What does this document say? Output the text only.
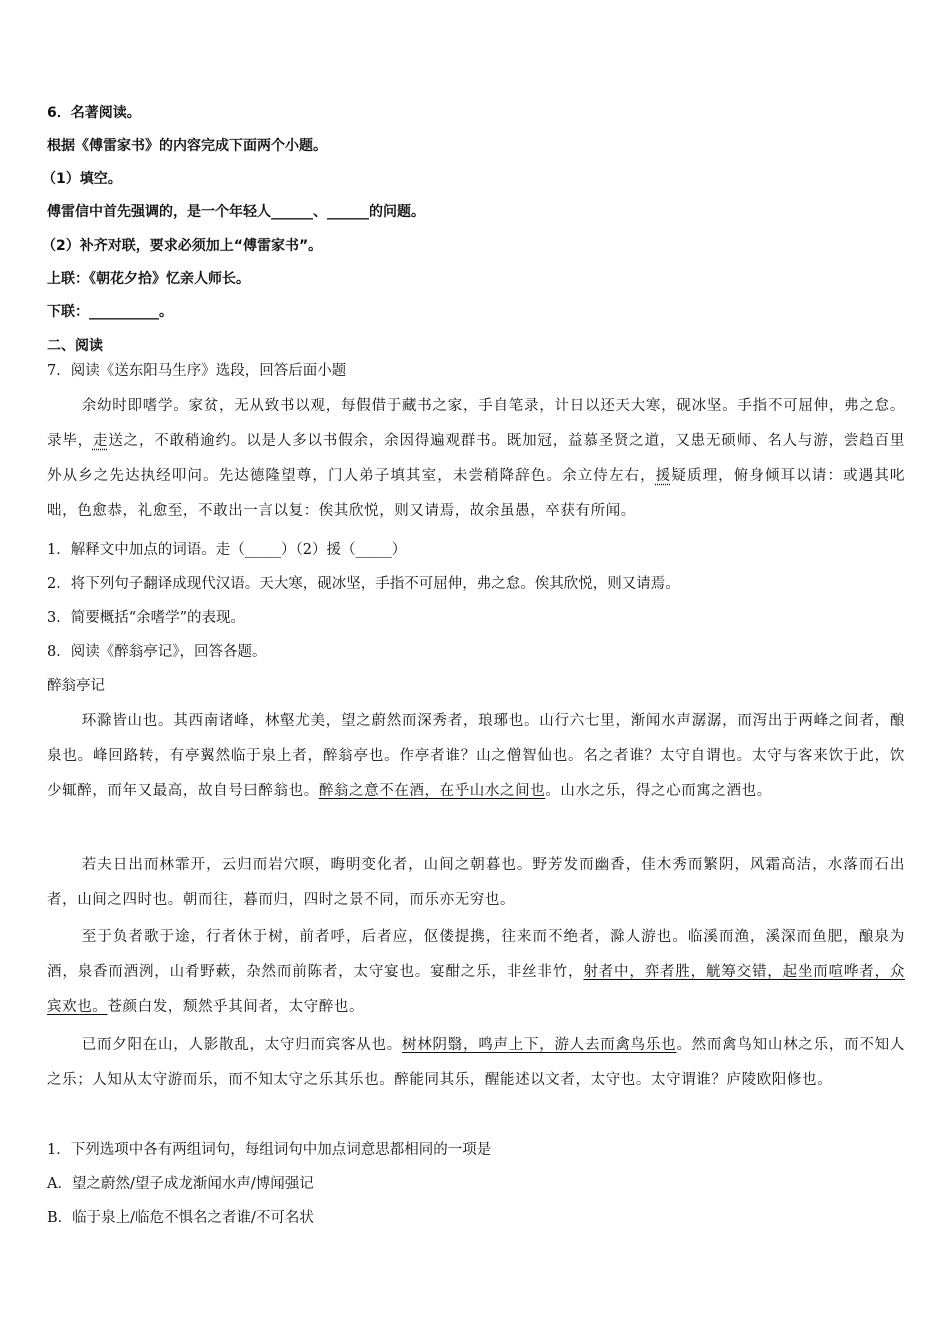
6．名著阅读。
根据《傅雷家书》的内容完成下面两个小题。
（1）填空。
傅雷信中首先强调的，是一个年轻人______、______的问题。
（2）补齐对联，要求必须加上“傅雷家书”。
上联：《朝花夕拾》忆亲人师长。
下联：__________。
二、阅读
7．阅读《送东阳马生序》选段，回答后面小题
余幼时即嗜学。家贫，无从致书以观，每假借于藏书之家，手自笔录，计日以还天大寒，砚冰坚。手指不可屈伸，弗之怠。录毕，走送之，不敢稍逾约。以是人多以书假余，余因得遍观群书。既加冠，益慕圣贤之道，又患无硕师、名人与游，尝趋百里外从乡之先达执经叩问。先达德隆望尊，门人弟子填其室，未尝稍降辞色。余立侍左右，援疑质理，俯身倾耳以请：或遇其叱咄，色愈恭，礼愈至，不敢出一言以复：俟其欣悦，则又请焉，故余虽愚，卒获有所闻。
1．解释文中加点的词语。走（_____）（2）援（_____）
2．将下列句子翻译成现代汉语。天大寒，砚冰坚，手指不可屈伸，弗之怠。俟其欣悦，则又请焉。
3．简要概括“余嗜学”的表现。
8．阅读《醉翁亭记》，回答各题。
醉翁亭记
环滁皆山也。其西南诸峰，林壑尤美，望之蔚然而深秀者，琅琊也。山行六七里，渐闻水声潺潺，而泻出于两峰之间者，酿泉也。峰回路转，有亭翼然临于泉上者，醉翁亭也。作亭者谁？山之僧智仙也。名之者谁？太守自谓也。太守与客来饮于此，饮少辄醉，而年又最高，故自号曰醉翁也。醉翁之意不在酒，在乎山水之间也。山水之乐，得之心而寓之酒也。
若夫日出而林霏开，云归而岩穴暝，晦明变化者，山间之朝暮也。野芳发而幽香，佳木秀而繁阴，风霜高洁，水落而石出者，山间之四时也。朝而往，暮而归，四时之景不同，而乐亦无穷也。
至于负者歌于途，行者休于树，前者呼，后者应，伛偻提携，往来而不绝者，滁人游也。临溪而渔，溪深而鱼肥，酿泉为酒，泉香而酒洌，山肴野蔌，杂然而前陈者，太守宴也。宴酣之乐，非丝非竹，射者中，弈者胜，觥筹交错，起坐而喧哗者，众宾欢也。苍颜白发，颓然乎其间者，太守醉也。
已而夕阳在山，人影散乱，太守归而宾客从也。树林阴翳，鸣声上下，游人去而禽鸟乐也。然而禽鸟知山林之乐，而不知人之乐；人知从太守游而乐，而不知太守之乐其乐也。醉能同其乐，醒能述以文者，太守也。太守谓谁？庐陵欧阳修也。
1．下列选项中各有两组词句，每组词句中加点词意思都相同的一项是
A．望之蔚然/望子成龙渐闻水声/博闻强记
B．临于泉上/临危不惧名之者谁/不可名状
